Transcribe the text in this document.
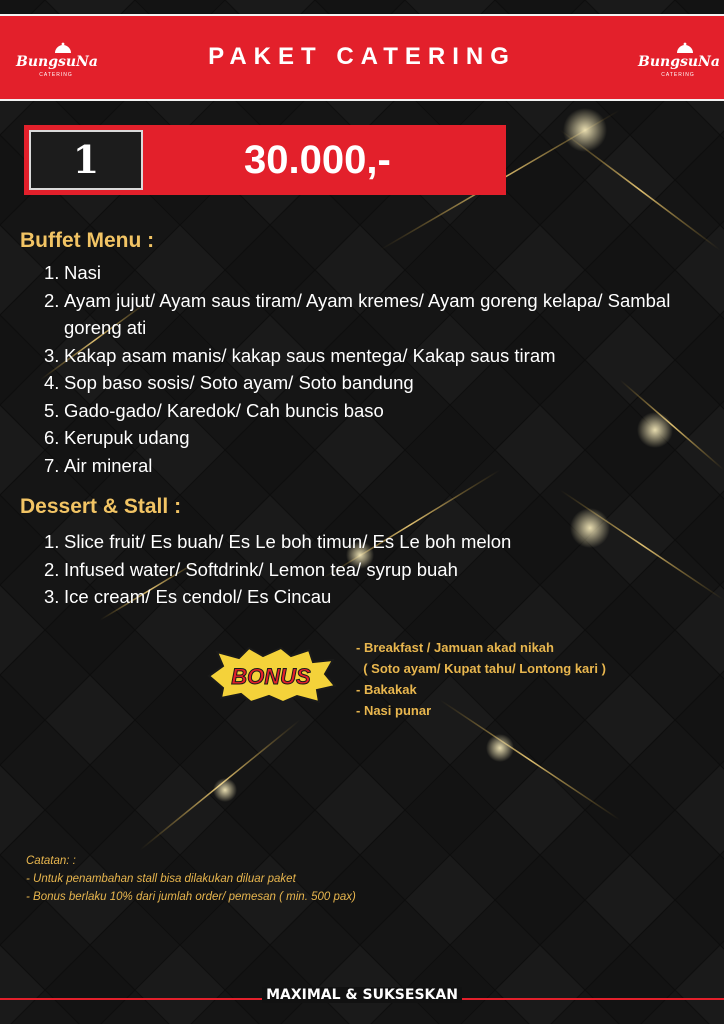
BungsuNa
CATERING
PAKET CATERING	BungsuNa
CATERING
1	30.000,-
Buffet Menu :
1. Nasi
2. Ayam jujut/ Ayam saus tiram/ Ayam kremes/ Ayam goreng kelapa/ Sambal goreng ati
3. Kakap asam manis/ kakap saus mentega/ Kakap saus tiram
4. Sop baso sosis/ Soto ayam/ Soto bandung
5. Gado-gado/ Karedok/ Cah buncis baso
6. Kerupuk udang
7. Air mineral
Dessert & Stall :
1. Slice fruit/ Es buah/ Es Le boh timun/ Es Le boh melon
2. Infused water/ Softdrink/ Lemon tea/ syrup buah
3. Ice cream/ Es cendol/ Es Cincau
BONUS
- Breakfast / Jamuan akad nikah
( Soto ayam/ Kupat tahu/ Lontong kari )
- Bakakak
- Nasi punar
Catatan: :
- Untuk penambahan stall bisa dilakukan diluar paket
- Bonus berlaku 10% dari jumlah order/ pemesan ( min. 500 pax)
MAXIMAL & SUKSESKAN
